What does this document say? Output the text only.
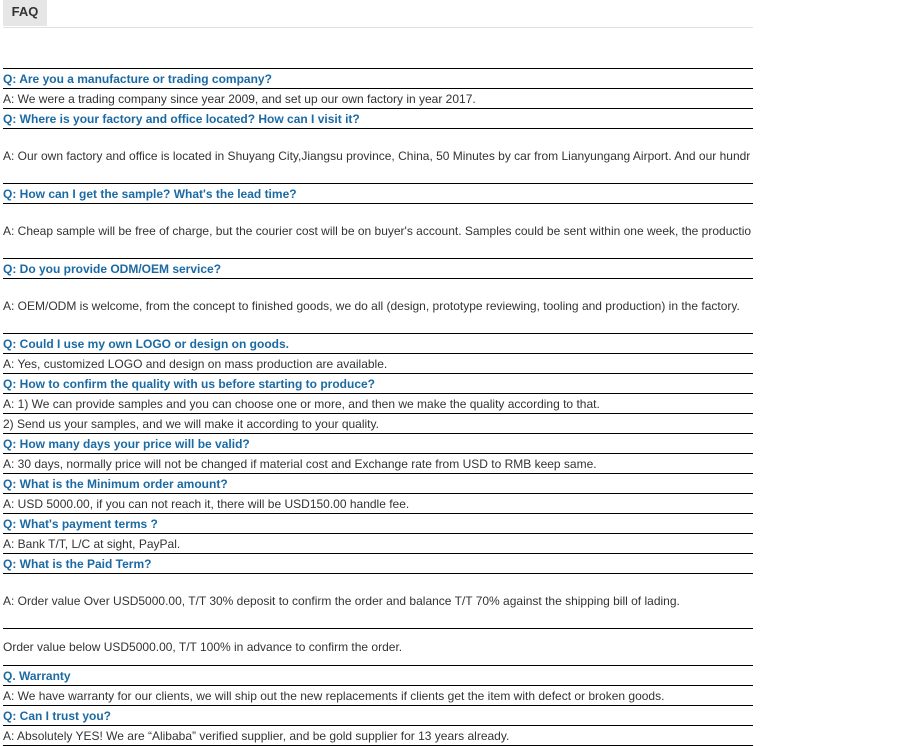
FAQ
Q: Are you a manufacture or trading company?
A: We were a trading company since year 2009, and set up our own factory in year 2017.
Q: Where is your factory and office located? How can I visit it?
A: Our own factory and office is located in Shuyang City,Jiangsu province, China, 50 Minutes by car from Lianyungang Airport. And our hundr
Q: How can I get the sample? What's the lead time?
A: Cheap sample will be free of charge, but the courier cost will be on buyer's account. Samples could be sent within one week, the productio
Q: Do you provide ODM/OEM service?
A: OEM/ODM is welcome, from the concept to finished goods, we do all (design, prototype reviewing, tooling and production) in the factory.
Q: Could I use my own LOGO or design on goods.
A: Yes, customized LOGO and design on mass production are available.
Q: How to confirm the quality with us before starting to produce?
A: 1) We can provide samples and you can choose one or more, and then we make the quality according to that.
2) Send us your samples, and we will make it according to your quality.
Q: How many days your price will be valid?
A: 30 days, normally price will not be changed if material cost and Exchange rate from USD to RMB keep same.
Q: What is the Minimum order amount?
A: USD 5000.00, if you can not reach it, there will be USD150.00 handle fee.
Q: What's payment terms ?
A: Bank T/T, L/C at sight, PayPal.
Q: What is the Paid Term?
A: Order value Over USD5000.00, T/T 30% deposit to confirm the order and balance T/T 70% against the shipping bill of lading.
Order value below USD5000.00, T/T 100% in advance to confirm the order.
Q. Warranty
A: We have warranty for our clients, we will ship out the new replacements if clients get the item with defect or broken goods.
Q: Can I trust you?
A: Absolutely YES! We are “Alibaba” verified supplier, and be gold supplier for 13 years already.
